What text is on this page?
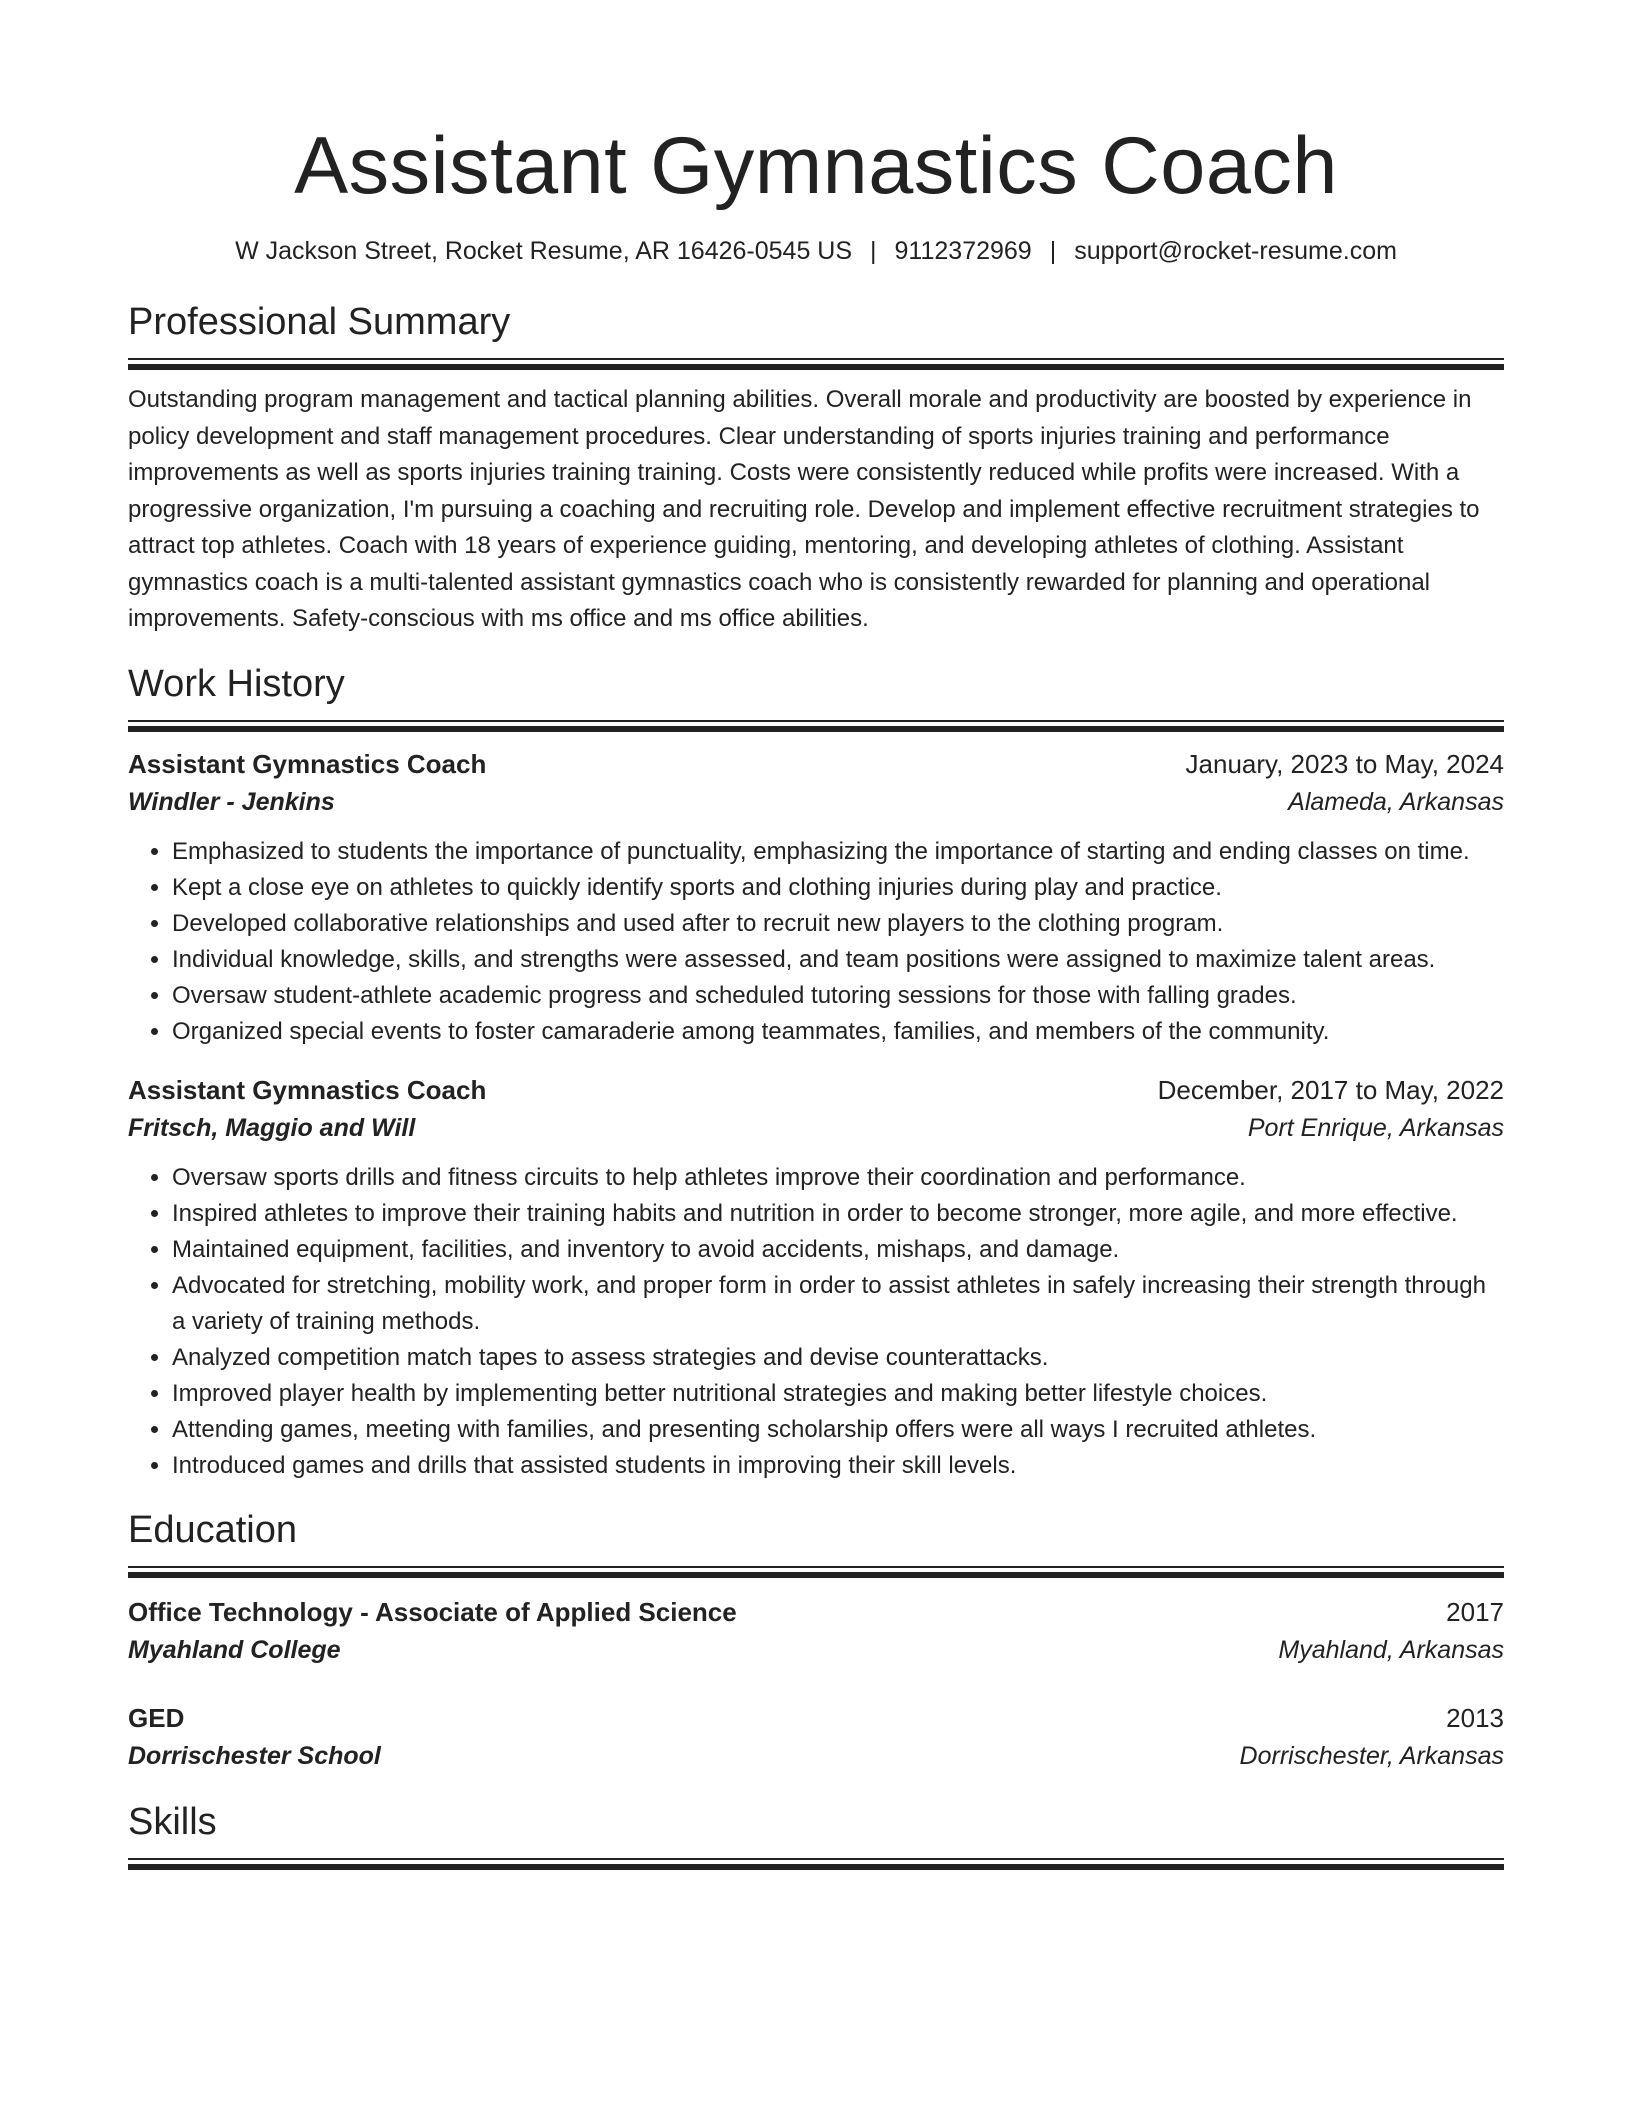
Assistant Gymnastics Coach
W Jackson Street, Rocket Resume, AR 16426-0545 US | 9112372969 | support@rocket-resume.com
Professional Summary

Outstanding program management and tactical planning abilities. Overall morale and productivity are boosted by experience in policy development and staff management procedures. Clear understanding of sports injuries training and performance improvements as well as sports injuries training training. Costs were consistently reduced while profits were increased. With a progressive organization, I'm pursuing a coaching and recruiting role. Develop and implement effective recruitment strategies to attract top athletes. Coach with 18 years of experience guiding, mentoring, and developing athletes of clothing. Assistant gymnastics coach is a multi-talented assistant gymnastics coach who is consistently rewarded for planning and operational improvements. Safety-conscious with ms office and ms office abilities.

Work History
Assistant Gymnastics Coach	January, 2023 to May, 2024
Windler - Jenkins	Alameda, Arkansas
• Emphasized to students the importance of punctuality, emphasizing the importance of starting and ending classes on time.
• Kept a close eye on athletes to quickly identify sports and clothing injuries during play and practice.
• Developed collaborative relationships and used after to recruit new players to the clothing program.
• Individual knowledge, skills, and strengths were assessed, and team positions were assigned to maximize talent areas.
• Oversaw student-athlete academic progress and scheduled tutoring sessions for those with falling grades.
• Organized special events to foster camaraderie among teammates, families, and members of the community.
Assistant Gymnastics Coach	December, 2017 to May, 2022
Fritsch, Maggio and Will	Port Enrique, Arkansas
• Oversaw sports drills and fitness circuits to help athletes improve their coordination and performance.
• Inspired athletes to improve their training habits and nutrition in order to become stronger, more agile, and more effective.
• Maintained equipment, facilities, and inventory to avoid accidents, mishaps, and damage.
• Advocated for stretching, mobility work, and proper form in order to assist athletes in safely increasing their strength through a variety of training methods.
• Analyzed competition match tapes to assess strategies and devise counterattacks.
• Improved player health by implementing better nutritional strategies and making better lifestyle choices.
• Attending games, meeting with families, and presenting scholarship offers were all ways I recruited athletes.
• Introduced games and drills that assisted students in improving their skill levels.
Education
Office Technology - Associate of Applied Science	2017
Myahland College	Myahland, Arkansas
GED	2013
Dorrischester School	Dorrischester, Arkansas
Skills
